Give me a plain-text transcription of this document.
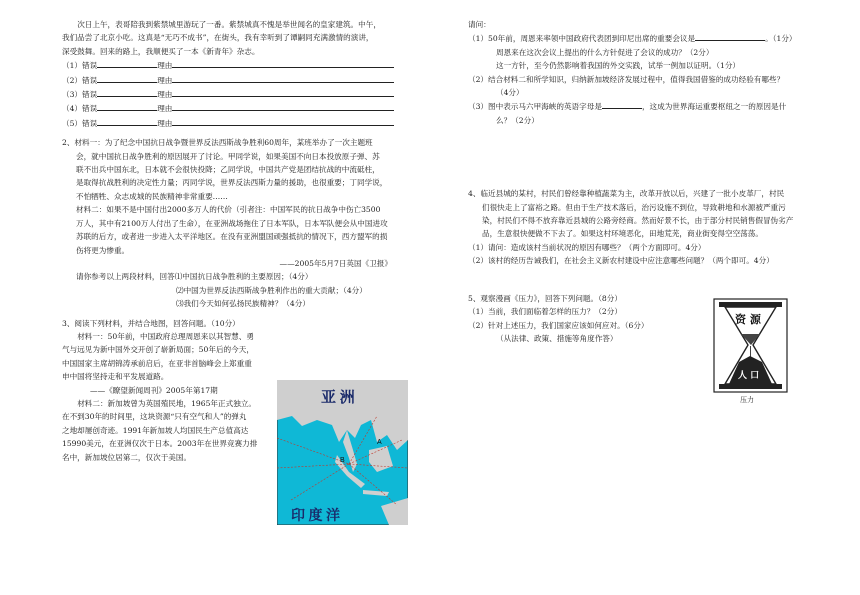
次日上午，表哥陪我到紫禁城里游玩了一番。紫禁城真不愧是举世闻名的皇家建筑。中午，

我们品尝了北京小吃。这真是“无巧不成书”，在街头，我有幸听到了谭嗣同充满激情的演讲，

深受鼓舞。回来的路上，我顺便买了一本《新青年》杂志。

（1）错误	理由

（2）错误	理由

（3）错误	理由

（4）错误	理由

（5）错误	理由

2、材料一：为了纪念中国抗日战争暨世界反法西斯战争胜利60周年，某班举办了一次主题班

会，就中国抗日战争胜利的原因展开了讨论。甲同学说，如果美国不向日本投放原子弹、苏

联不出兵中国东北，日本就不会很快投降；乙同学说，中国共产党是团结抗战的中流砥柱，

是取得抗战胜利的决定性力量；丙同学说，世界反法西斯力量的援助，也很重要；丁同学说，

不怕牺牲、众志成城的民族精神非常重要……

材料二：如果不是中国付出2000多万人的代价（引者注：中国军民的抗日战争中伤亡3500

万人，其中有2100万人付出了生命），在亚洲战场拖住了日本军队，日本军队便会从中国进攻

苏联的后方，或者进一步进入太平洋地区。在没有亚洲盟国顽强抵抗的情况下，西方盟军的损

伤将更为惨重。

——2005年5月7日英国《卫报》

请你参考以上两段材料，回答⑴中国抗日战争胜利的主要原因；（4分）

⑵中国为世界反法西斯战争胜利作出的重大贡献；（4分）

⑶我们今天如何弘扬民族精神？（4分）

3、阅读下列材料，并结合地图，回答问题。（10分）

材料一：50年前，中国政府总理周恩来以其智慧、勇

气与远见为新中国外交开创了崭新局面；50年后的今天，

中国国家主席胡锦涛承前启后，在亚非首脑峰会上郑重重

申中国将坚持走和平发展道路。

——《瞭望新闻周刊》2005年第17期

材料二：新加坡曾为英国殖民地，1965年正式独立。

在不到30年的时间里，这块资源“只有空气和人”的弹丸

之地却屡创奇迹。1991年新加坡人均国民生产总值高达

15990美元，在亚洲仅次于日本。2003年在世界竞赛力排

名中，新加坡位居第二，仅次于美国。

亚 洲
印 度 洋
A
B

请问：

（1）50年前，周恩来率领中国政府代表团到印尼出席的重要会议是	。（1分）

周恩来在这次会议上提出的什么方针促进了会议的成功？（2分）

这一方针，至今仍然影响着我国的外交实践，试举一例加以证明。（1分）

（2）结合材料二和所学知识，归纳新加坡经济发展过程中，值得我国借鉴的成功经验有哪些？

（4分）

（3）图中表示马六甲海峡的英语字母是	，这成为世界海运重要枢纽之一的原因是什

么？（2分）

4、临近县城的某村，村民们曾经靠种植蔬菜为主，改革开放以后，兴建了一批小皮革厂，村民

们很快走上了富裕之路。但由于生产技术落后，治污设施不到位，导致耕地和水源被严重污

染，村民们不得不放弃靠近县城的公路旁经商。然而好景不长，由于部分村民销售假冒伪劣产

品，生意很快便做不下去了。如果这村环境恶化，田地荒芜，商业街变得空空荡荡。

（1）请问：造成该村当前状况的原因有哪些？（两个方面即可。4分）

（2）该村的经历告诫我们，在社会主义新农村建设中应注意哪些问题？（两个即可。4分）

5、观察漫画《压力》，回答下列问题。（8分）

（1）当前，我们面临着怎样的压力？（2分）

（2）针对上述压力，我们国家应该如何应对。（6分）

（从法律、政策、措施等角度作答）

资 源
人 口
压力
